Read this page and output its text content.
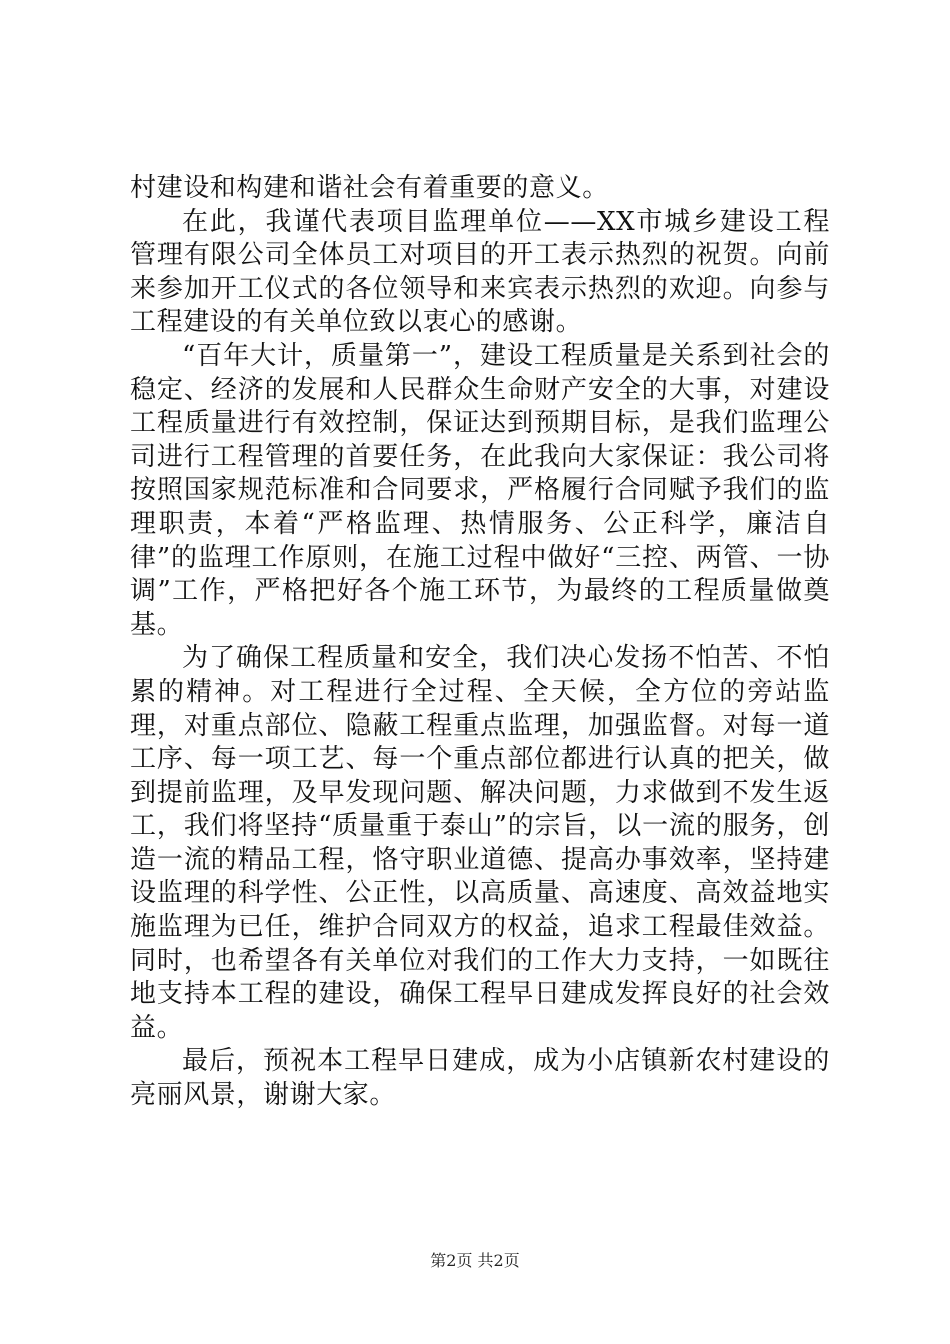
村建设和构建和谐社会有着重要的意义。

在此，我谨代表项目监理单位——XX市城乡建设工程管理有限公司全体员工对项目的开工表示热烈的祝贺。向前来参加开工仪式的各位领导和来宾表示热烈的欢迎。向参与工程建设的有关单位致以衷心的感谢。

“百年大计，质量第一”，建设工程质量是关系到社会的稳定、经济的发展和人民群众生命财产安全的大事，对建设工程质量进行有效控制，保证达到预期目标，是我们监理公司进行工程管理的首要任务，在此我向大家保证：我公司将按照国家规范标准和合同要求，严格履行合同赋予我们的监理职责，本着“严格监理、热情服务、公正科学，廉洁自律”的监理工作原则，在施工过程中做好“三控、两管、一协调”工作，严格把好各个施工环节，为最终的工程质量做奠基。

为了确保工程质量和安全，我们决心发扬不怕苦、不怕累的精神。对工程进行全过程、全天候，全方位的旁站监理，对重点部位、隐蔽工程重点监理，加强监督。对每一道工序、每一项工艺、每一个重点部位都进行认真的把关，做到提前监理，及早发现问题、解决问题，力求做到不发生返工，我们将坚持“质量重于泰山”的宗旨，以一流的服务，创造一流的精品工程，恪守职业道德、提高办事效率，坚持建设监理的科学性、公正性，以高质量、高速度、高效益地实施监理为已任，维护合同双方的权益，追求工程最佳效益。同时，也希望各有关单位对我们的工作大力支持，一如既往地支持本工程的建设，确保工程早日建成发挥良好的社会效益。

最后，预祝本工程早日建成，成为小店镇新农村建设的亮丽风景，谢谢大家。

第2页 共2页
